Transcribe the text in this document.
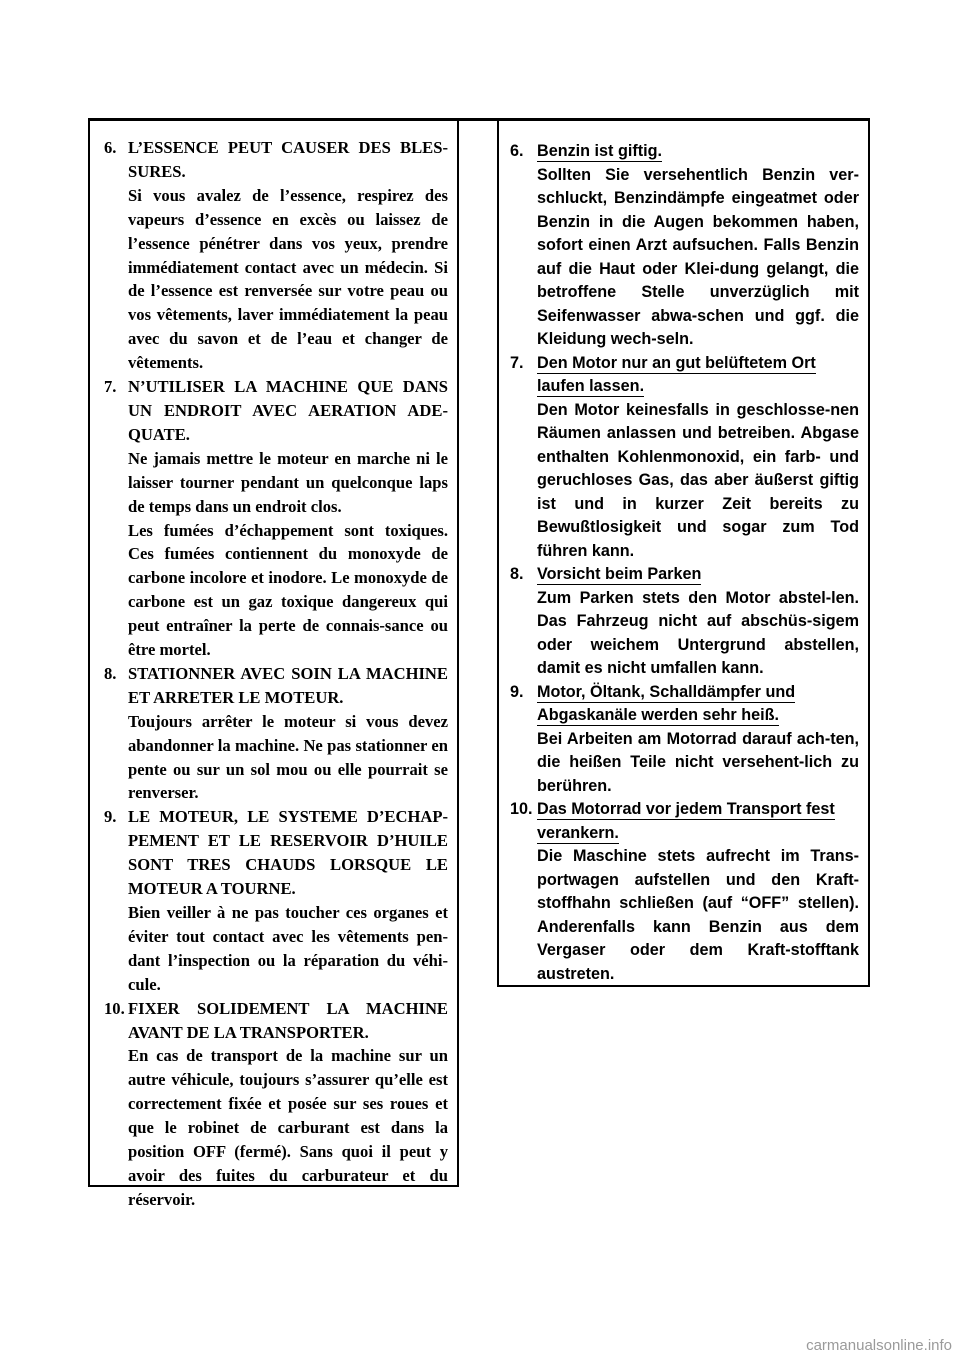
6. L’ESSENCE PEUT CAUSER DES BLES-SURES.

Si vous avalez de l’essence, respirez des vapeurs d’essence en excès ou laissez de l’essence pénétrer dans vos yeux, prendre immédiatement contact avec un médecin. Si de l’essence est renversée sur votre peau ou vos vêtements, laver immédiatement la peau avec du savon et de l’eau et changer de vêtements.

7. N’UTILISER LA MACHINE QUE DANS UN ENDROIT AVEC AERATION ADE-QUATE.

Ne jamais mettre le moteur en marche ni le laisser tourner pendant un quelconque laps de temps dans un endroit clos.

Les fumées d’échappement sont toxiques. Ces fumées contiennent du monoxyde de carbone incolore et inodore. Le monoxyde de carbone est un gaz toxique dangereux qui peut entraîner la perte de connais-sance ou être mortel.

8. STATIONNER AVEC SOIN LA MACHINE ET ARRETER LE MOTEUR.

Toujours arrêter le moteur si vous devez abandonner la machine. Ne pas stationner en pente ou sur un sol mou ou elle pourrait se renverser.

9. LE MOTEUR, LE SYSTEME D’ECHAP-PEMENT ET LE RESERVOIR D’HUILE SONT TRES CHAUDS LORSQUE LE MOTEUR A TOURNE.

Bien veiller à ne pas toucher ces organes et éviter tout contact avec les vêtements pen-dant l’inspection ou la réparation du véhi-cule.

10. FIXER SOLIDEMENT LA MACHINE AVANT DE LA TRANSPORTER.

En cas de transport de la machine sur un autre véhicule, toujours s’assurer qu’elle est correctement fixée et posée sur ses roues et que le robinet de carburant est dans la position OFF (fermé). Sans quoi il peut y avoir des fuites du carburateur et du réservoir.

6. Benzin ist giftig.

Sollten Sie versehentlich Benzin ver-schluckt, Benzindämpfe eingeatmet oder Benzin in die Augen bekommen haben, sofort einen Arzt aufsuchen. Falls Benzin auf die Haut oder Klei-dung gelangt, die betroffene Stelle unverzüglich mit Seifenwasser abwa-schen und ggf. die Kleidung wech-seln.

7. Den Motor nur an gut belüftetem Ort laufen lassen.

Den Motor keinesfalls in geschlosse-nen Räumen anlassen und betreiben. Abgase enthalten Kohlenmonoxid, ein farb- und geruchloses Gas, das aber äußerst giftig ist und in kurzer Zeit bereits zu Bewußtlosigkeit und sogar zum Tod führen kann.

8. Vorsicht beim Parken

Zum Parken stets den Motor abstel-len. Das Fahrzeug nicht auf abschüs-sigem oder weichem Untergrund abstellen, damit es nicht umfallen kann.

9. Motor, Öltank, Schalldämpfer und Abgaskanäle werden sehr heiß.

Bei Arbeiten am Motorrad darauf ach-ten, die heißen Teile nicht versehent-lich zu berühren.

10. Das Motorrad vor jedem Transport fest verankern.

Die Maschine stets aufrecht im Trans-portwagen aufstellen und den Kraft-stoffhahn schließen (auf “OFF” stellen). Anderenfalls kann Benzin aus dem Vergaser oder dem Kraft-stofftank austreten.

carmanualsonline.info
